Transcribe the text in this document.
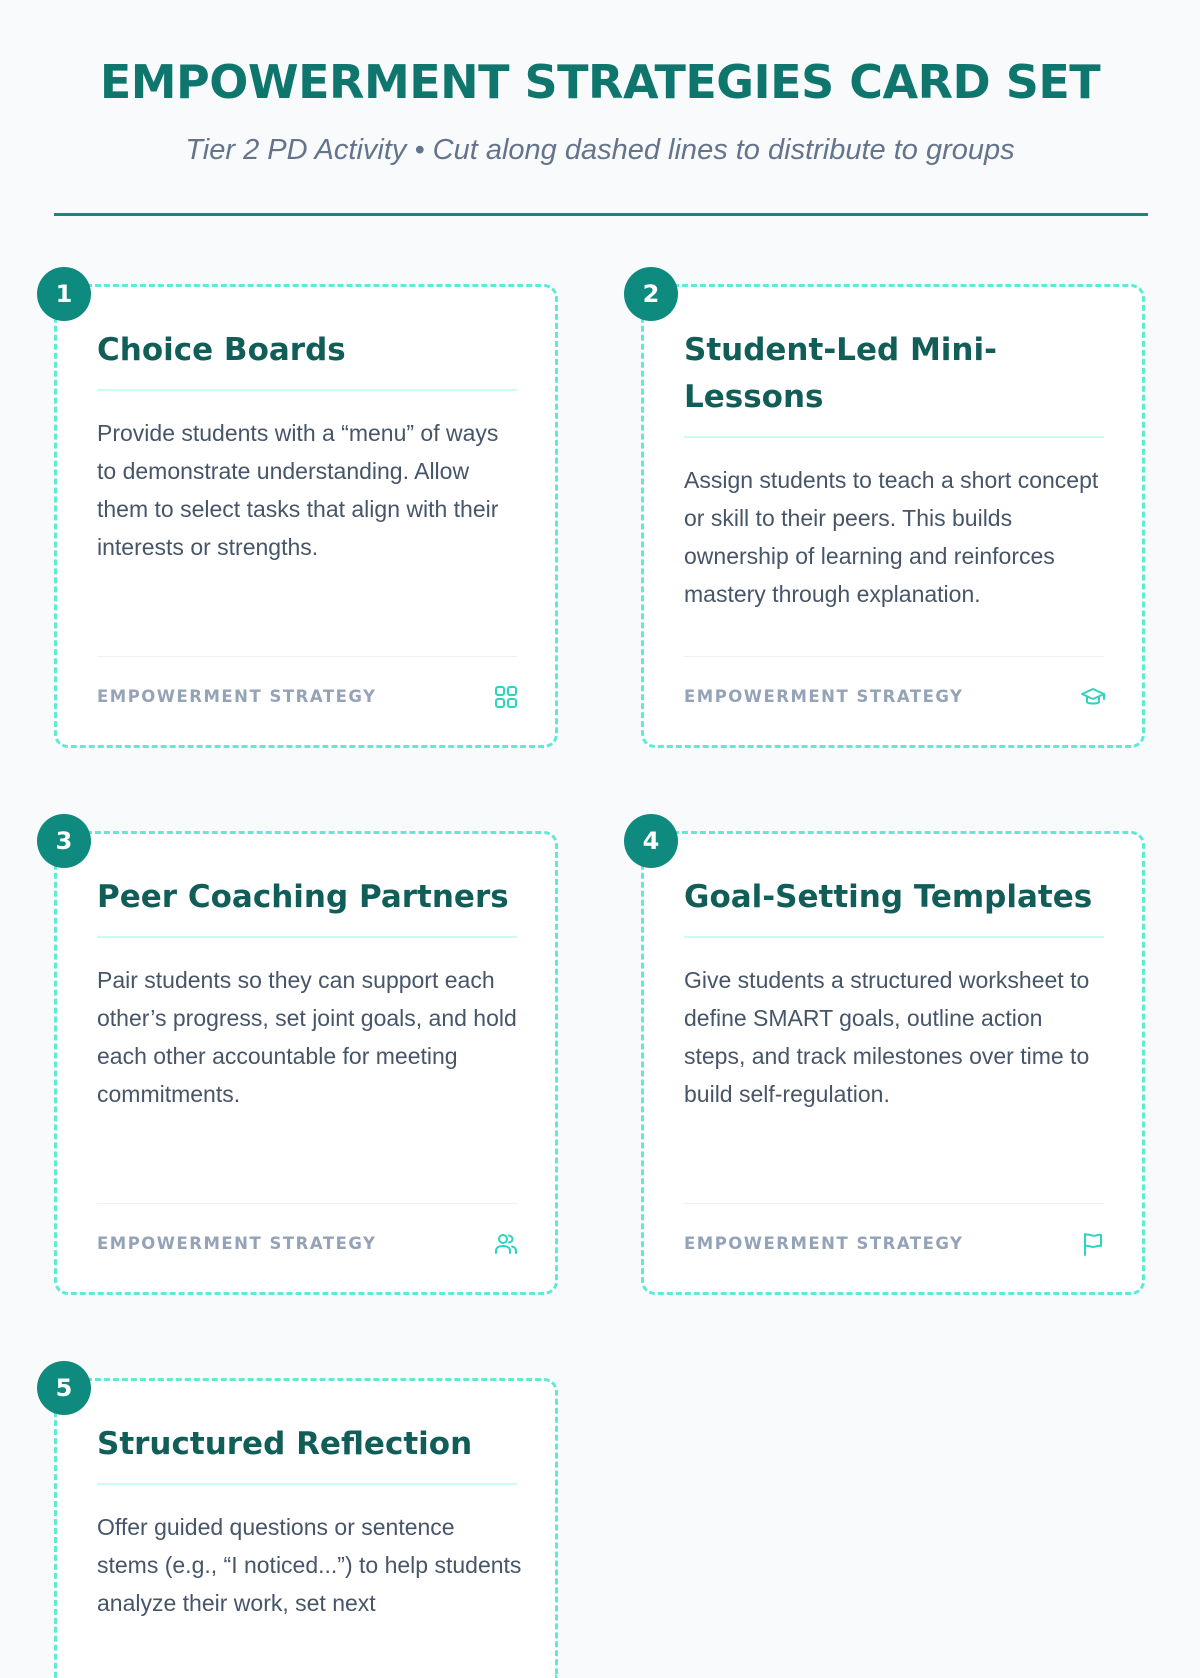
EMPOWERMENT STRATEGIES CARD SET

Tier 2 PD Activity • Cut along dashed lines to distribute to groups

1
Choice Boards

Provide students with a “menu” of ways to demonstrate understanding. Allow them to select tasks that align with their interests or strengths.

EMPOWERMENT STRATEGY
2
Student-Led Mini-Lessons

Assign students to teach a short concept or skill to their peers. This builds ownership of learning and reinforces mastery through explanation.

EMPOWERMENT STRATEGY
3
Peer Coaching Partners

Pair students so they can support each other’s progress, set joint goals, and hold each other accountable for meeting commitments.

EMPOWERMENT STRATEGY
4
Goal-Setting Templates

Give students a structured worksheet to define SMART goals, outline action steps, and track milestones over time to build self-regulation.

EMPOWERMENT STRATEGY
5
Structured Reflection

Offer guided questions or sentence stems (e.g., “I noticed...”) to help students analyze their work, set next
